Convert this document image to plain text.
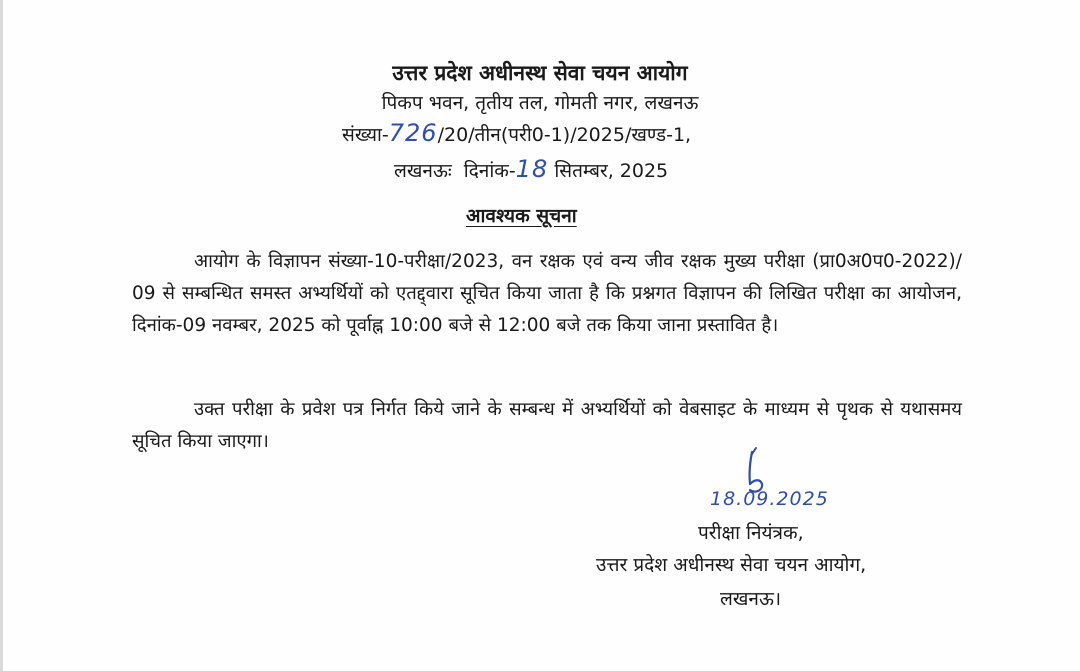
उत्तर प्रदेश अधीनस्थ सेवा चयन आयोग
पिकप भवन, तृतीय तल, गोमती नगर, लखनऊ
संख्या-726/20/तीन(परी0-1)/2025/खण्ड-1,
लखनऊः  दिनांक-18 सितम्बर, 2025
आवश्यक सूचना
आयोग के विज्ञापन संख्या-10-परीक्षा/2023, वन रक्षक एवं वन्य जीव रक्षक मुख्य परीक्षा (प्रा0अ0प0-2022)/ 09 से सम्बन्धित समस्त अभ्यर्थियों को एतद्द्वारा सूचित किया जाता है कि प्रश्नगत विज्ञापन की लिखित परीक्षा का आयोजन, दिनांक-09 नवम्बर, 2025 को पूर्वाह्न 10:00 बजे से 12:00 बजे तक किया जाना प्रस्तावित है।
उक्त परीक्षा के प्रवेश पत्र निर्गत किये जाने के सम्बन्ध में अभ्यर्थियों को वेबसाइट के माध्यम से पृथक से यथासमय सूचित किया जाएगा।
18.09.2025
परीक्षा नियंत्रक,
उत्तर प्रदेश अधीनस्थ सेवा चयन आयोग,
लखनऊ।
